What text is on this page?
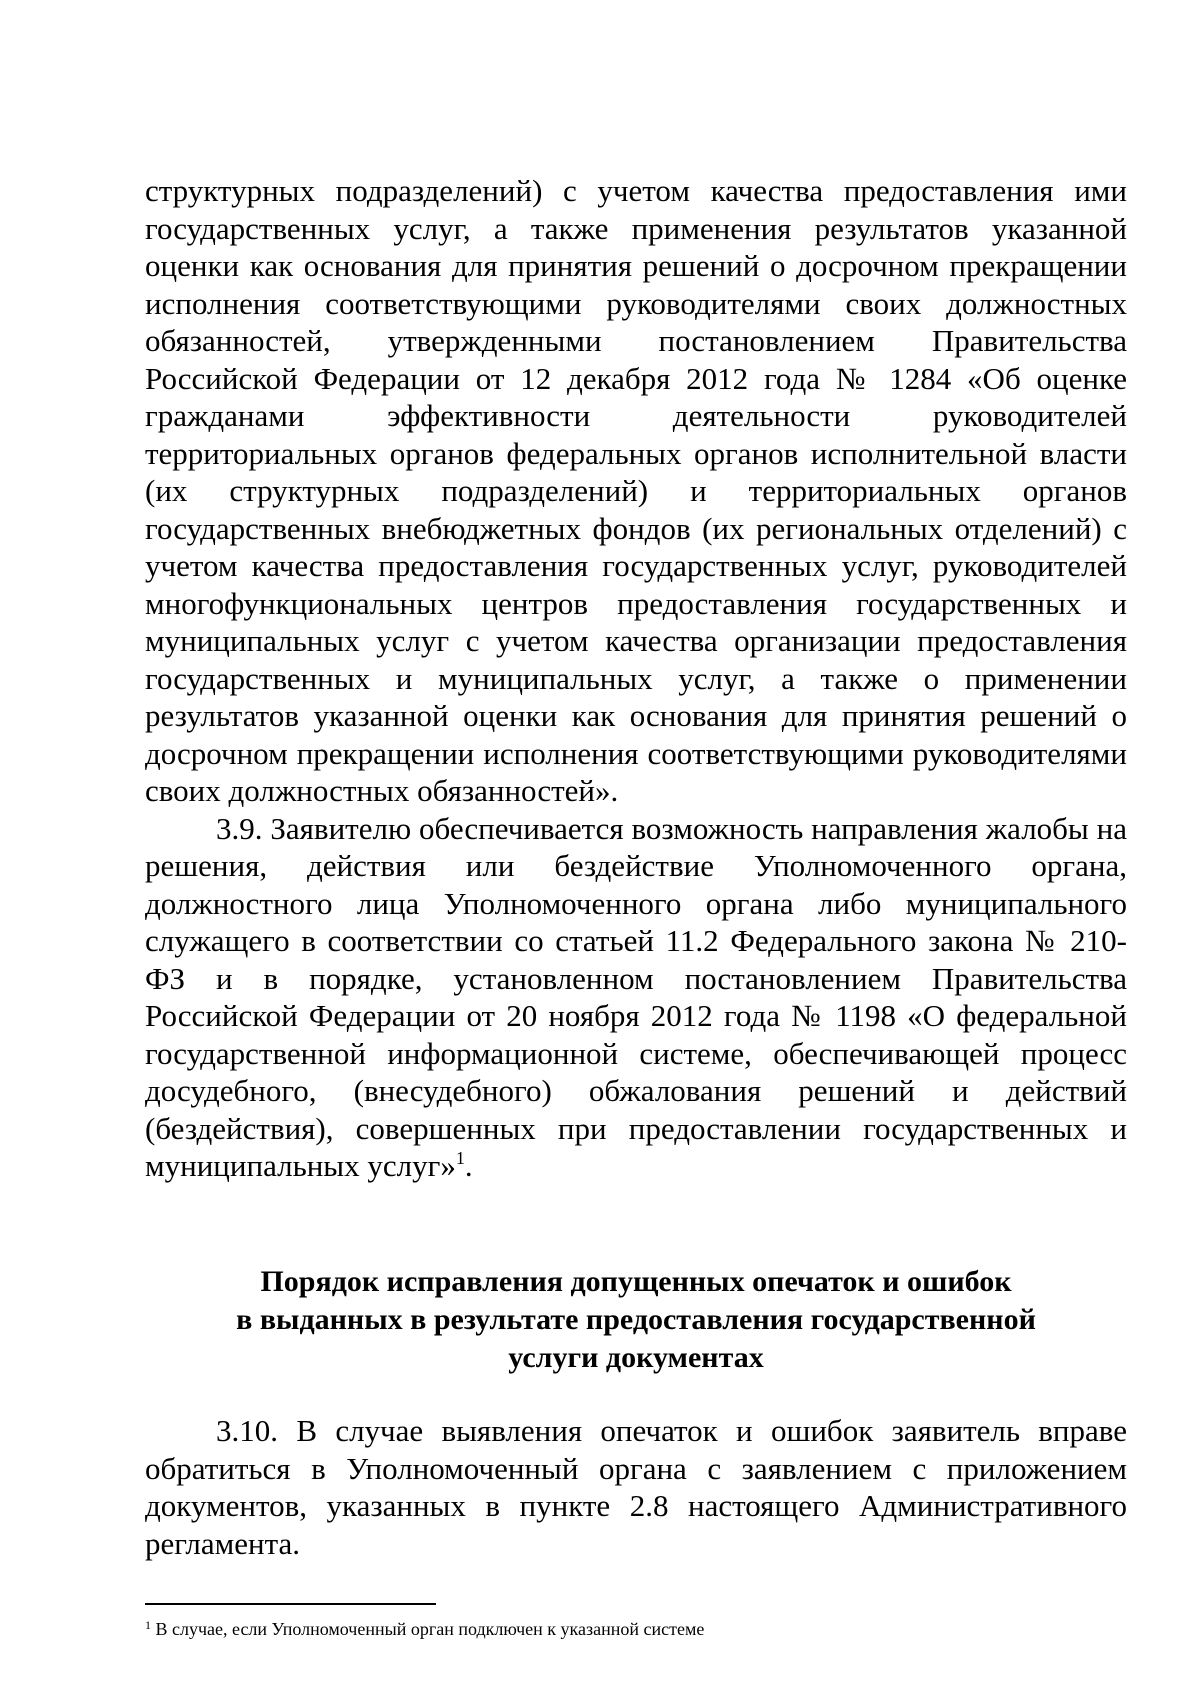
структурных подразделений) с учетом качества предоставления ими государственных услуг, а также применения результатов указанной оценки как основания для принятия решений о досрочном прекращении исполнения соответствующими руководителями своих должностных обязанностей, утвержденными постановлением Правительства Российской Федерации от 12 декабря 2012 года № 1284 «Об оценке гражданами эффективности деятельности руководителей территориальных органов федеральных органов исполнительной власти (их структурных подразделений) и территориальных органов государственных внебюджетных фондов (их региональных отделений) с учетом качества предоставления государственных услуг, руководителей многофункциональных центров предоставления государственных и муниципальных услуг с учетом качества организации предоставления государственных и муниципальных услуг, а также о применении результатов указанной оценки как основания для принятия решений о досрочном прекращении исполнения соответствующими руководителями своих должностных обязанностей».

3.9. Заявителю обеспечивается возможность направления жалобы на решения, действия или бездействие Уполномоченного органа, должностного лица Уполномоченного органа либо муниципального служащего в соответствии со статьей 11.2 Федерального закона № 210-ФЗ и в порядке, установленном постановлением Правительства Российской Федерации от 20 ноября 2012 года № 1198 «О федеральной государственной информационной системе, обеспечивающей процесс досудебного, (внесудебного) обжалования решений и действий (бездействия), совершенных при предоставлении государственных и муниципальных услуг»$^1$.

Порядок исправления допущенных опечаток и ошибок
в выданных в результате предоставления государственной
услуги документах

3.10. В случае выявления опечаток и ошибок заявитель вправе обратиться в Уполномоченный органа с заявлением с приложением документов, указанных в пункте 2.8 настоящего Административного регламента.

$^1$ В случае, если Уполномоченный орган подключен к указанной системе
